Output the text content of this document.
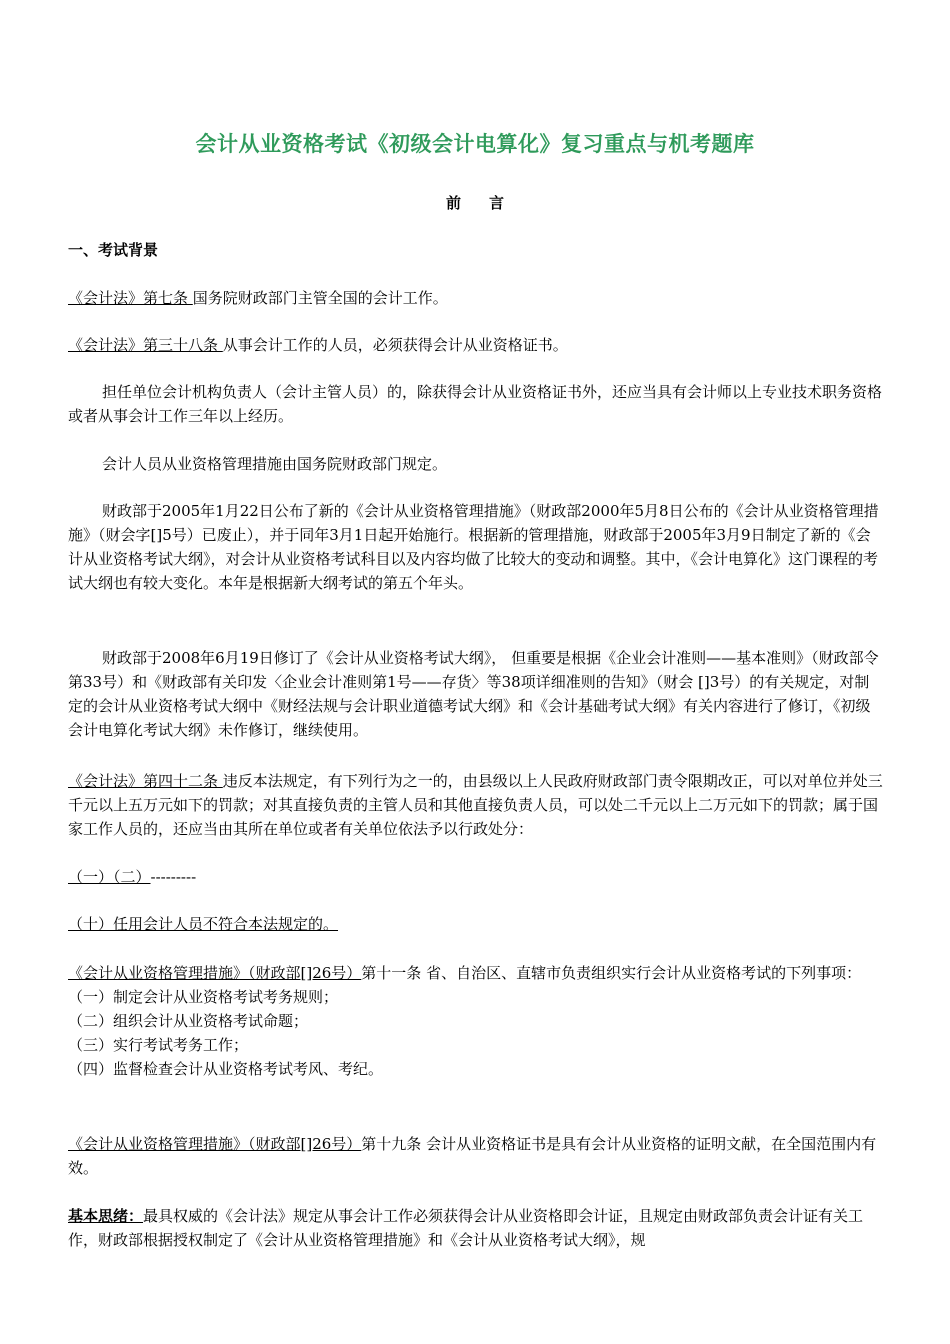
会计从业资格考试《初级会计电算化》复习重点与机考题库
前言
一、考试背景
《会计法》第七条 国务院财政部门主管全国的会计工作。
《会计法》第三十八条 从事会计工作的人员，必须获得会计从业资格证书。
担任单位会计机构负责人（会计主管人员）的，除获得会计从业资格证书外，还应当具有会计师以上专业技术职务资格或者从事会计工作三年以上经历。
会计人员从业资格管理措施由国务院财政部门规定。
财政部于2005年1月22日公布了新的《会计从业资格管理措施》（财政部2000年5月8日公布的《会计从业资格管理措施》（财会字[]5号）已废止），并于同年3月1日起开始施行。根据新的管理措施，财政部于2005年3月9日制定了新的《会计从业资格考试大纲》，对会计从业资格考试科目以及内容均做了比较大的变动和调整。其中，《会计电算化》这门课程的考试大纲也有较大变化。本年是根据新大纲考试的第五个年头。
财政部于2008年6月19日修订了《会计从业资格考试大纲》， 但重要是根据《企业会计准则——基本准则》（财政部令第33号）和《财政部有关印发〈企业会计准则第1号——存货〉等38项详细准则的告知》（财会 []3号）的有关规定，对制定的会计从业资格考试大纲中《财经法规与会计职业道德考试大纲》和《会计基础考试大纲》有关内容进行了修订，《初级会计电算化考试大纲》未作修订，继续使用。
《会计法》第四十二条 违反本法规定，有下列行为之一的，由县级以上人民政府财政部门责令限期改正，可以对单位并处三千元以上五万元如下的罚款；对其直接负责的主管人员和其他直接负责人员，可以处二千元以上二万元如下的罚款；属于国家工作人员的，还应当由其所在单位或者有关单位依法予以行政处分：
（一）（二）---------
（十）任用会计人员不符合本法规定的。
《会计从业资格管理措施》（财政部[]26号）第十一条 省、自治区、直辖市负责组织实行会计从业资格考试的下列事项：
（一）制定会计从业资格考试考务规则；
（二）组织会计从业资格考试命题；
（三）实行考试考务工作；
（四）监督检查会计从业资格考试考风、考纪。
《会计从业资格管理措施》（财政部[]26号）第十九条 会计从业资格证书是具有会计从业资格的证明文献，在全国范围内有效。
基本思绪：最具权威的《会计法》规定从事会计工作必须获得会计从业资格即会计证，且规定由财政部负责会计证有关工作，财政部根据授权制定了《会计从业资格管理措施》和《会计从业资格考试大纲》，规
